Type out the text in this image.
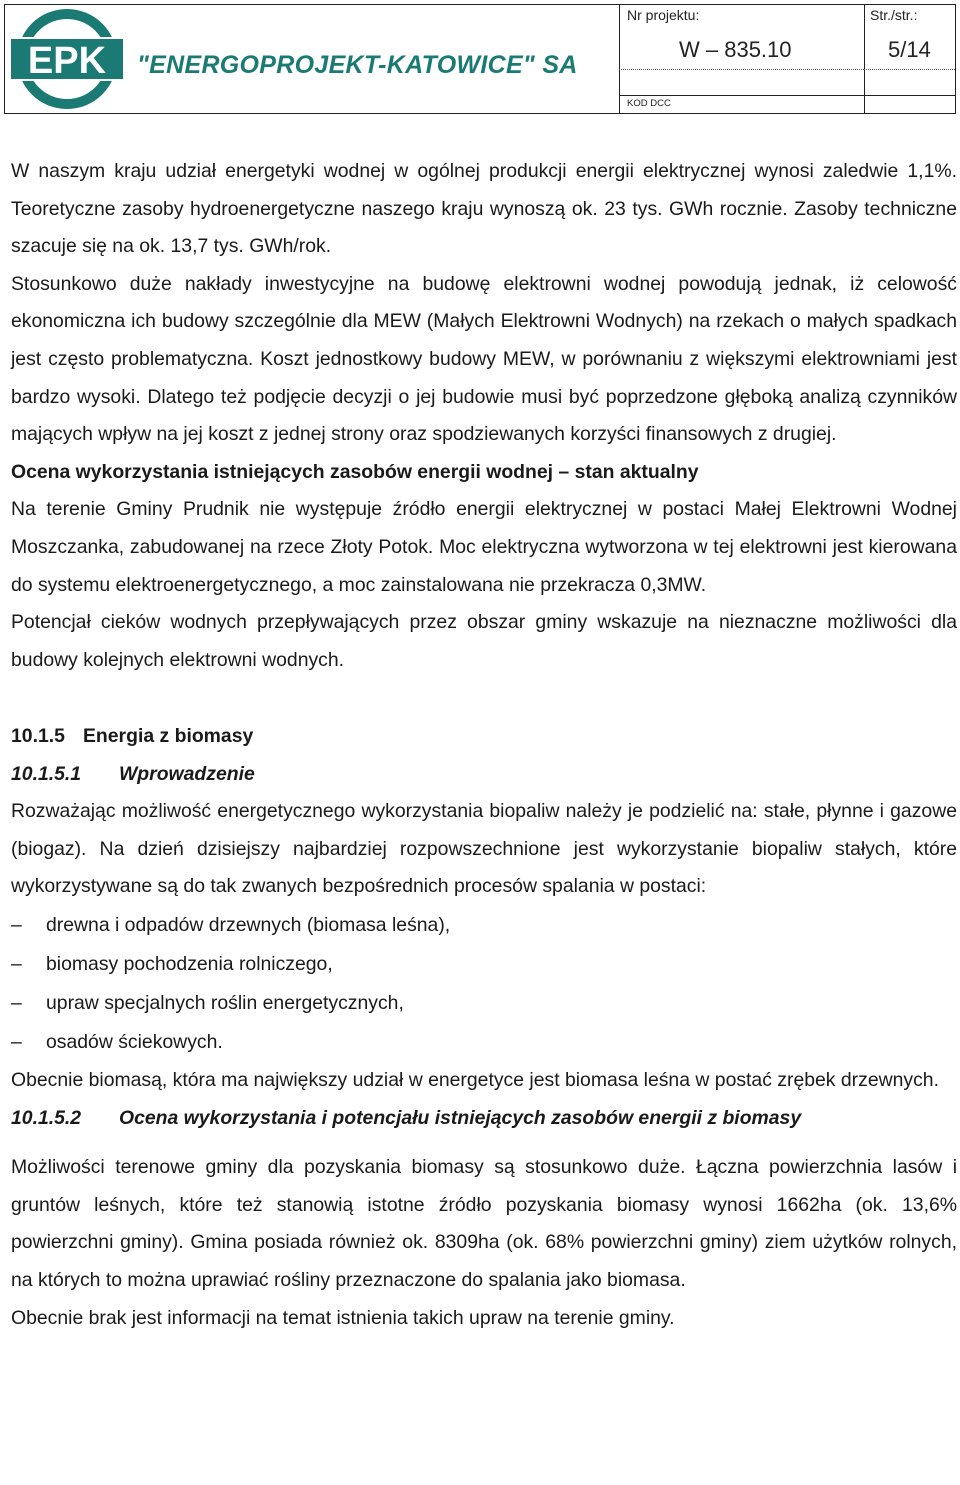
EPK "ENERGOPROJEKT-KATOWICE" SA
Nr projektu:
W – 835.10
KOD DCC
Str./str.:
5/14

W naszym kraju udział energetyki wodnej w ogólnej produkcji energii elektrycznej wynosi zaledwie 1,1%. Teoretyczne zasoby hydroenergetyczne naszego kraju wynoszą ok. 23 tys. GWh rocznie. Zasoby techniczne szacuje się na ok. 13,7 tys. GWh/rok.

Stosunkowo duże nakłady inwestycyjne na budowę elektrowni wodnej powodują jednak, iż celowość ekonomiczna ich budowy szczególnie dla MEW (Małych Elektrowni Wodnych) na rzekach o małych spadkach jest często problematyczna. Koszt jednostkowy budowy MEW, w porównaniu z większymi elektrowniami jest bardzo wysoki. Dlatego też podjęcie decyzji o jej budowie musi być poprzedzone głęboką analizą czynników mających wpływ na jej koszt z jednej strony oraz spodziewanych korzyści finansowych z drugiej.

Ocena wykorzystania istniejących zasobów energii wodnej – stan aktualny

Na terenie Gminy Prudnik nie występuje źródło energii elektrycznej w postaci Małej Elektrowni Wodnej Moszczanka, zabudowanej na rzece Złoty Potok. Moc elektryczna wytworzona w tej elektrowni jest kierowana do systemu elektroenergetycznego, a moc zainstalowana nie przekracza 0,3MW.

Potencjał cieków wodnych przepływających przez obszar gminy wskazuje na nieznaczne możliwości dla budowy kolejnych elektrowni wodnych.

10.1.5 Energia z biomasy
10.1.5.1 Wprowadzenie

Rozważając możliwość energetycznego wykorzystania biopaliw należy je podzielić na: stałe, płynne i gazowe (biogaz). Na dzień dzisiejszy najbardziej rozpowszechnione jest wykorzystanie biopaliw stałych, które wykorzystywane są do tak zwanych bezpośrednich procesów spalania w postaci:

– drewna i odpadów drzewnych (biomasa leśna),
– biomasy pochodzenia rolniczego,
– upraw specjalnych roślin energetycznych,
– osadów ściekowych.

Obecnie biomasą, która ma największy udział w energetyce jest biomasa leśna w postać zrębek drzewnych.

10.1.5.2 Ocena wykorzystania i potencjału istniejących zasobów energii z biomasy

Możliwości terenowe gminy dla pozyskania biomasy są stosunkowo duże. Łączna powierzchnia lasów i gruntów leśnych, które też stanowią istotne źródło pozyskania biomasy wynosi 1662ha (ok. 13,6% powierzchni gminy). Gmina posiada również ok. 8309ha (ok. 68% powierzchni gminy) ziem użytków rolnych, na których to można uprawiać rośliny przeznaczone do spalania jako biomasa.

Obecnie brak jest informacji na temat istnienia takich upraw na terenie gminy.
